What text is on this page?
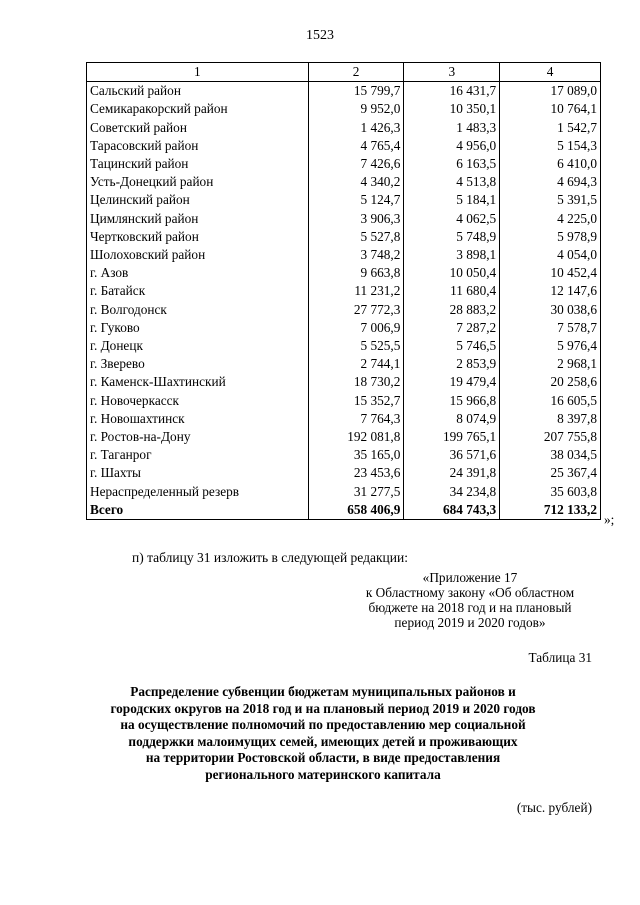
1523
1	2	3	4
Сальский район	15 799,7	16 431,7	17 089,0
Семикаракорский район	9 952,0	10 350,1	10 764,1
Советский район	1 426,3	1 483,3	1 542,7
Тарасовский район	4 765,4	4 956,0	5 154,3
Тацинский район	7 426,6	6 163,5	6 410,0
Усть-Донецкий район	4 340,2	4 513,8	4 694,3
Целинский район	5 124,7	5 184,1	5 391,5
Цимлянский район	3 906,3	4 062,5	4 225,0
Чертковский район	5 527,8	5 748,9	5 978,9
Шолоховский район	3 748,2	3 898,1	4 054,0
г. Азов	9 663,8	10 050,4	10 452,4
г. Батайск	11 231,2	11 680,4	12 147,6
г. Волгодонск	27 772,3	28 883,2	30 038,6
г. Гуково	7 006,9	7 287,2	7 578,7
г. Донецк	5 525,5	5 746,5	5 976,4
г. Зверево	2 744,1	2 853,9	2 968,1
г. Каменск-Шахтинский	18 730,2	19 479,4	20 258,6
г. Новочеркасск	15 352,7	15 966,8	16 605,5
г. Новошахтинск	7 764,3	8 074,9	8 397,8
г. Ростов-на-Дону	192 081,8	199 765,1	207 755,8
г. Таганрог	35 165,0	36 571,6	38 034,5
г. Шахты	23 453,6	24 391,8	25 367,4
Нераспределенный резерв	31 277,5	34 234,8	35 603,8
Всего	658 406,9	684 743,3	712 133,2
»;
п) таблицу 31 изложить в следующей редакции:
«Приложение 17
к Областному закону «Об областном
бюджете на 2018 год и на плановый
период 2019 и 2020 годов»
Таблица 31
Распределение субвенции бюджетам муниципальных районов и
городских округов на 2018 год и на плановый период 2019 и 2020 годов
на осуществление полномочий по предоставлению мер социальной
поддержки малоимущих семей, имеющих детей и проживающих
на территории Ростовской области, в виде предоставления
регионального материнского капитала
(тыс. рублей)
